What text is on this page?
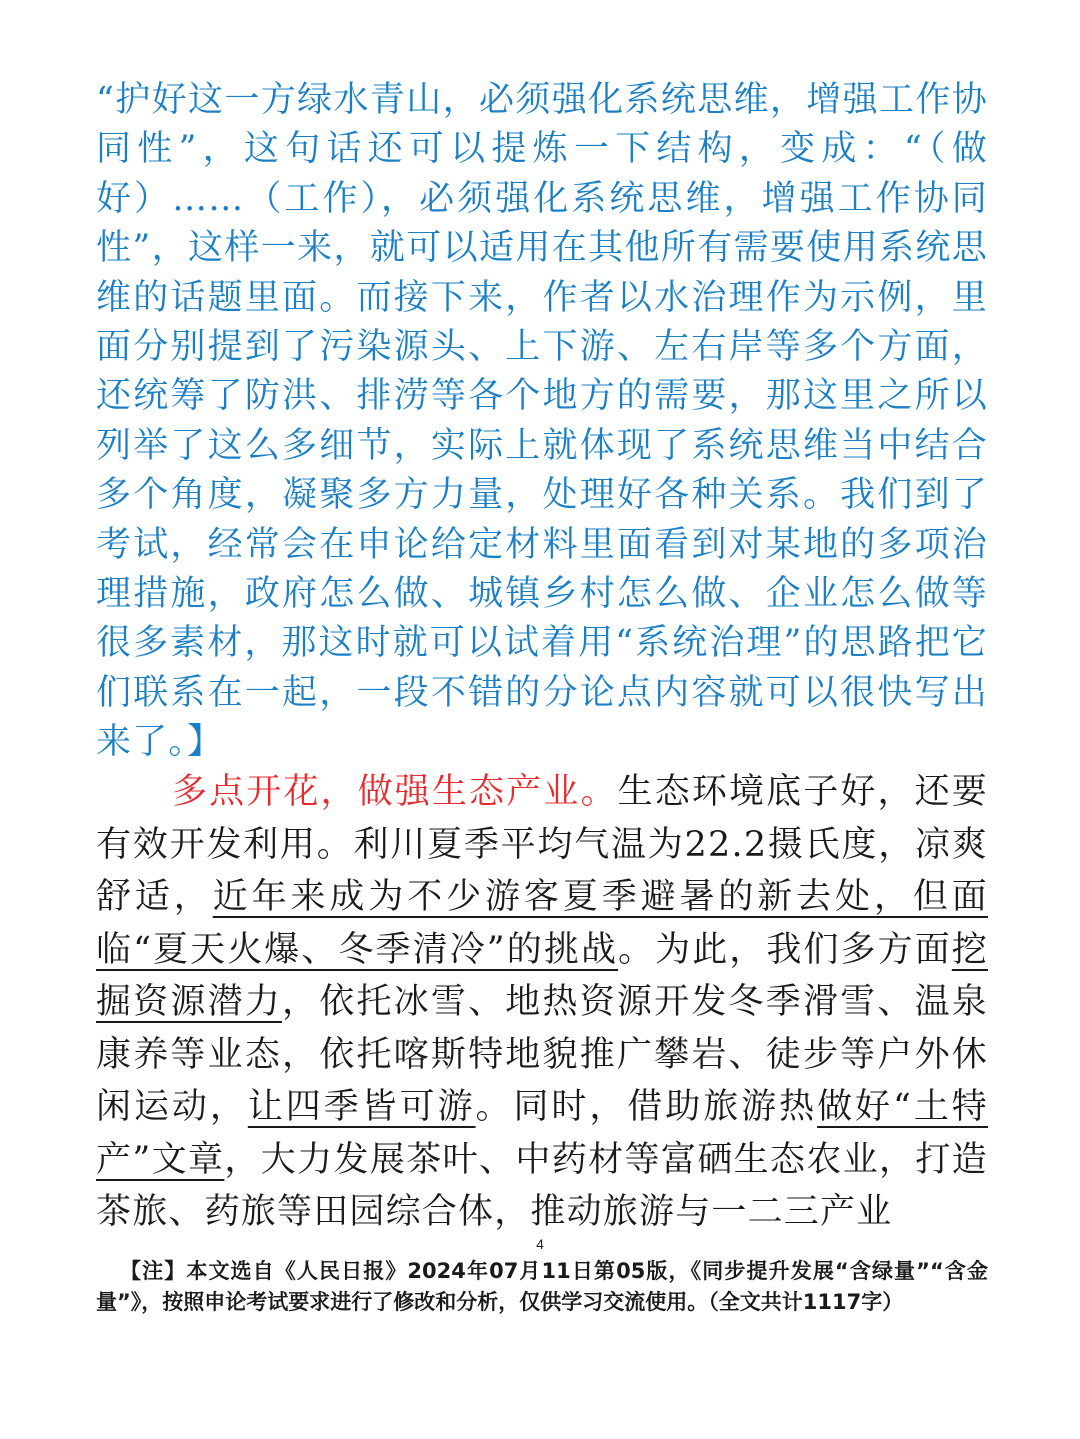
“护好这一方绿水青山，必须强化系统思维，增强工作协同性”，这句话还可以提炼一下结构，变成：“（做好）……（工作），必须强化系统思维，增强工作协同性”，这样一来，就可以适用在其他所有需要使用系统思维的话题里面。而接下来，作者以水治理作为示例，里面分别提到了污染源头、上下游、左右岸等多个方面，还统筹了防洪、排涝等各个地方的需要，那这里之所以列举了这么多细节，实际上就体现了系统思维当中结合多个角度，凝聚多方力量，处理好各种关系。我们到了考试，经常会在申论给定材料里面看到对某地的多项治理措施，政府怎么做、城镇乡村怎么做、企业怎么做等很多素材，那这时就可以试着用“系统治理”的思路把它们联系在一起，一段不错的分论点内容就可以很快写出来了。】

多点开花，做强生态产业。生态环境底子好，还要有效开发利用。利川夏季平均气温为22.2摄氏度，凉爽舒适，近年来成为不少游客夏季避暑的新去处，但面临“夏天火爆、冬季清冷”的挑战。为此，我们多方面挖掘资源潜力，依托冰雪、地热资源开发冬季滑雪、温泉康养等业态，依托喀斯特地貌推广攀岩、徒步等户外休闲运动，让四季皆可游。同时，借助旅游热做好“土特产”文章，大力发展茶叶、中药材等富硒生态农业，打造茶旅、药旅等田园综合体，推动旅游与一二三产业

4

【注】本文选自《人民日报》2024年07月11日第05版，《同步提升发展“含绿量”“含金量”》，按照申论考试要求进行了修改和分析，仅供学习交流使用。（全文共计1117字）
